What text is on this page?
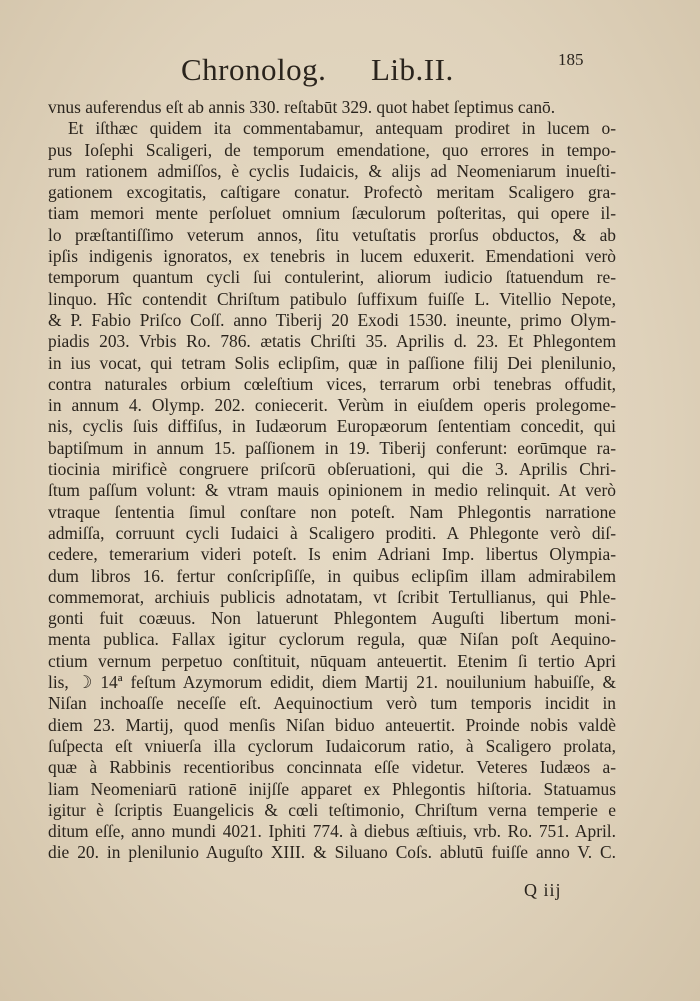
Chronolog. Lib.II.	185
vnus auferendus eſt ab annis 330. reſtabūt 329. quot habet ſeptimus canō.
Et iſthæc quidem ita commentabamur, antequam prodiret in lucem o-
pus Ioſephi Scaligeri, de temporum emendatione, quo errores in tempo-
rum rationem admiſſos, è cyclis Iudaicis, & alijs ad Neomeniarum inueſti-
gationem excogitatis, caſtigare conatur. Profectò meritam Scaligero gra-
tiam memori mente perſoluet omnium ſæculorum poſteritas, qui opere il-
lo præſtantiſſimo veterum annos, ſitu vetuſtatis prorſus obductos, & ab
ipſis indigenis ignoratos, ex tenebris in lucem eduxerit. Emendationi verò
temporum quantum cycli ſui contulerint, aliorum iudicio ſtatuendum re-
linquo. Hîc contendit Chriſtum patibulo ſuffixum fuiſſe L. Vitellio Nepote,
& P. Fabio Priſco Coſſ. anno Tiberij 20 Exodi 1530. ineunte, primo Olym-
piadis 203. Vrbis Ro. 786. ætatis Chriſti 35. Aprilis d. 23. Et Phlegontem
in ius vocat, qui tetram Solis eclipſim, quæ in paſſione filij Dei plenilunio,
contra naturales orbium cœleſtium vices, terrarum orbi tenebras offudit,
in annum 4. Olymp. 202. coniecerit. Verùm in eiuſdem operis prolegome-
nis, cyclis ſuis diffiſus, in Iudæorum Europæorum ſententiam concedit, qui
baptiſmum in annum 15. paſſionem in 19. Tiberij conferunt: eorūmque ra-
tiocinia mirificè congruere priſcorū obſeruationi, qui die 3. Aprilis Chri-
ſtum paſſum volunt: & vtram mauis opinionem in medio relinquit. At verò
vtraque ſententia ſimul conſtare non poteſt. Nam Phlegontis narratione
admiſſa, corruunt cycli Iudaici à Scaligero proditi. A Phlegonte verò diſ-
cedere, temerarium videri poteſt. Is enim Adriani Imp. libertus Olympia-
dum libros 16. fertur conſcripſiſſe, in quibus eclipſim illam admirabilem
commemorat, archiuis publicis adnotatam, vt ſcribit Tertullianus, qui Phle-
gonti fuit coæuus. Non latuerunt Phlegontem Auguſti libertum moni-
menta publica. Fallax igitur cyclorum regula, quæ Niſan poſt Aequino-
ctium vernum perpetuo conſtituit, nūquam anteuertit. Etenim ſi tertio Apri
lis, ☽ 14ª feſtum Azymorum edidit, diem Martij 21. nouilunium habuiſſe, &
Niſan inchoaſſe neceſſe eſt. Aequinoctium verò tum temporis incidit in
diem 23. Martij, quod menſis Niſan biduo anteuertit. Proinde nobis valdè
ſuſpecta eſt vniuerſa illa cyclorum Iudaicorum ratio, à Scaligero prolata,
quæ à Rabbinis recentioribus concinnata eſſe videtur. Veteres Iudæos a-
liam Neomeniarū rationē inijſſe apparet ex Phlegontis hiſtoria. Statuamus
igitur è ſcriptis Euangelicis & cœli teſtimonio, Chriſtum verna temperie e
ditum eſſe, anno mundi 4021. Iphiti 774. à diebus æſtiuis, vrb. Ro. 751. April.
die 20. in plenilunio Auguſto XIII. & Siluano Coſs. ablutū fuiſſe anno V. C.
Q iij
